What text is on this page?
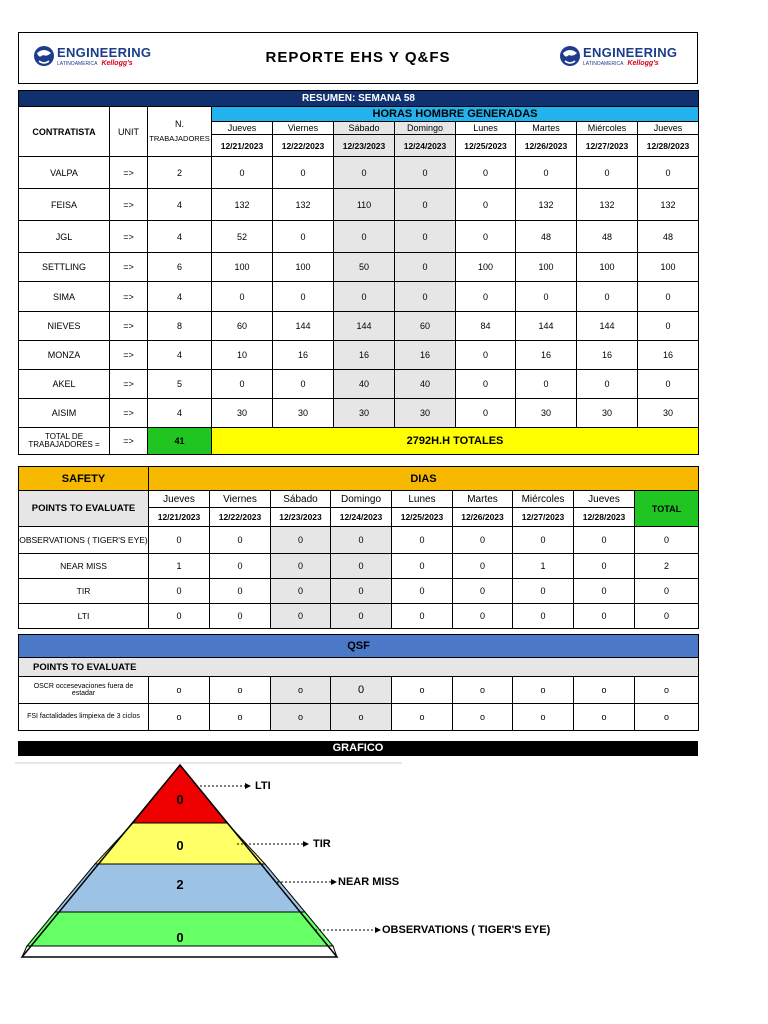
ENGINEERING
LATINOAMERICA Kellogg's	REPORTE EHS Y Q&FS	ENGINEERING
LATINOAMERICA Kellogg's
RESUMEN: SEMANA 58										
CONTRATISTA	UNIT	N.
TRABAJADORES	HORAS HOMBRE GENERADAS							
			Jueves	Viernes	Sábado	Domingo	Lunes	Martes	Miércoles	Jueves
			12/21/2023	12/22/2023	12/23/2023	12/24/2023	12/25/2023	12/26/2023	12/27/2023	12/28/2023
VALPA	=>	2	0	0	0	0	0	0	0	0
FEISA	=>	4	132	132	110	0	0	132	132	132
JGL	=>	4	52	0	0	0	0	48	48	48
SETTLING	=>	6	100	100	50	0	100	100	100	100
SIMA	=>	4	0	0	0	0	0	0	0	0
NIEVES	=>	8	60	144	144	60	84	144	144	0
MONZA	=>	4	10	16	16	16	0	16	16	16
AKEL	=>	5	0	0	40	40	0	0	0	0
AISIM	=>	4	30	30	30	30	0	30	30	30
TOTAL DE TRABAJADORES =	=>	41	2792H.H TOTALES							
SAFETY	DIAS								
POINTS TO EVALUATE	Jueves	Viernes	Sábado	Domingo	Lunes	Martes	Miércoles	Jueves	TOTAL
	12/21/2023	12/22/2023	12/23/2023	12/24/2023	12/25/2023	12/26/2023	12/27/2023	12/28/2023	
OBSERVATIONS ( TIGER'S EYE)	0	0	0	0	0	0	0	0	0
NEAR MISS	1	0	0	0	0	0	1	0	2
TIR	0	0	0	0	0	0	0	0	0
LTI	0	0	0	0	0	0	0	0	0
QSF									
POINTS TO EVALUATE									
OSCR occesevaciones fuera de estadar	o	o	o	0	o	o	o	o	o
FSI factalidades limpiexa de 3 ciclos	o	o	o	o	o	o	o	o	o
GRAFICO
0
0
2
0
LTI
TIR
NEAR MISS
OBSERVATIONS ( TIGER'S EYE)
